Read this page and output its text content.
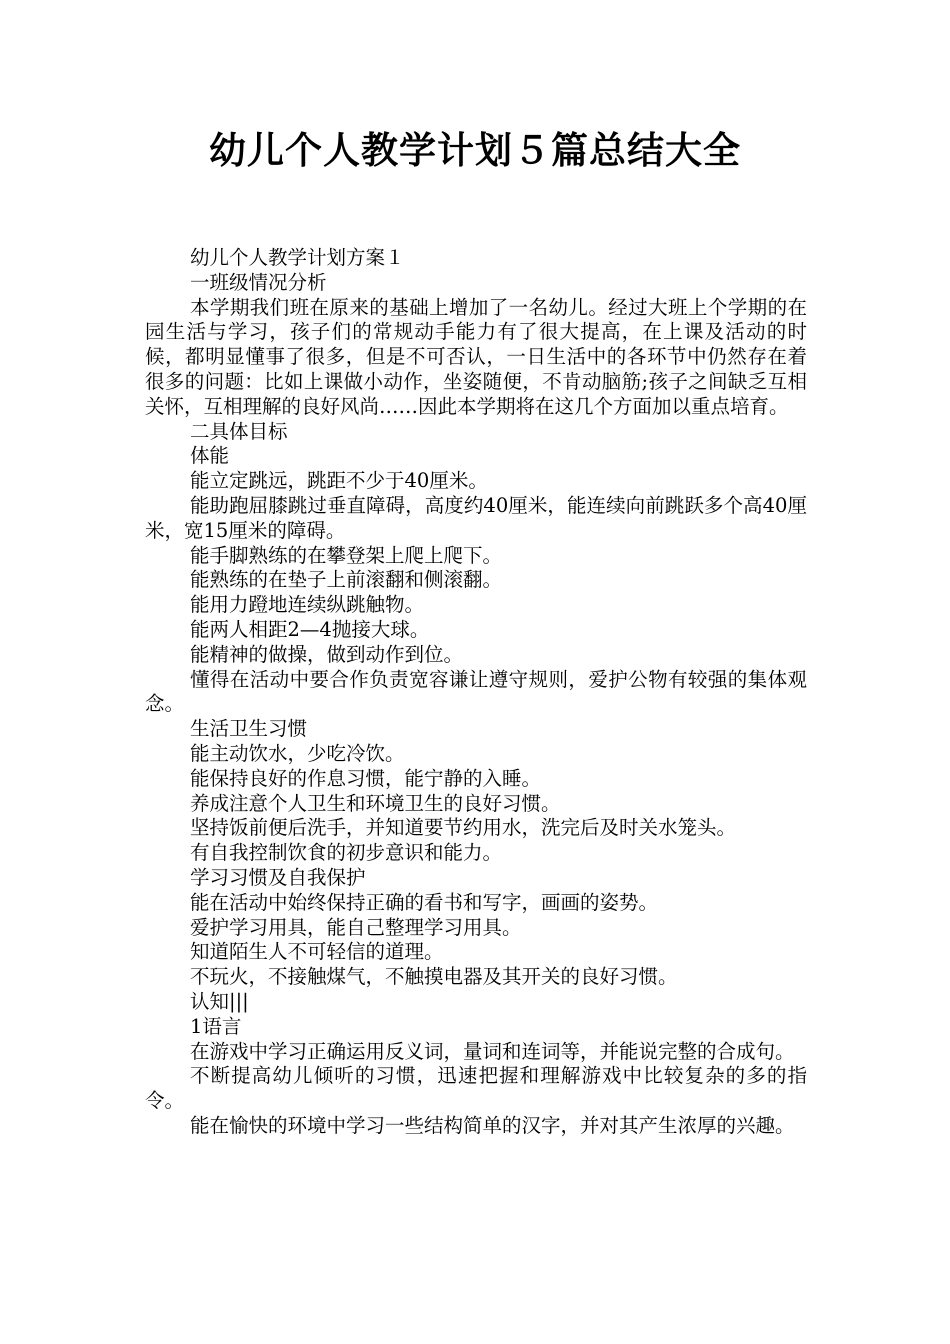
幼儿个人教学计划５篇总结大全

幼儿个人教学计划方案１

一班级情况分析

本学期我们班在原来的基础上增加了一名幼儿。经过大班上个学期的在园生活与学习，孩子们的常规动手能力有了很大提高，在上课及活动的时候，都明显懂事了很多，但是不可否认，一日生活中的各环节中仍然存在着很多的问题：比如上课做小动作，坐姿随便，不肯动脑筋;孩子之间缺乏互相关怀，互相理解的良好风尚……因此本学期将在这几个方面加以重点培育。

二具体目标

体能

能立定跳远，跳距不少于40厘米。

能助跑屈膝跳过垂直障碍，高度约40厘米，能连续向前跳跃多个高40厘米，宽15厘米的障碍。

能手脚熟练的在攀登架上爬上爬下。

能熟练的在垫子上前滚翻和侧滚翻。

能用力蹬地连续纵跳触物。

能两人相距2—4抛接大球。

能精神的做操，做到动作到位。

懂得在活动中要合作负责宽容谦让遵守规则，爱护公物有较强的集体观念。

生活卫生习惯

能主动饮水，少吃冷饮。

能保持良好的作息习惯，能宁静的入睡。

养成注意个人卫生和环境卫生的良好习惯。

坚持饭前便后洗手，并知道要节约用水，洗完后及时关水笼头。

有自我控制饮食的初步意识和能力。

学习习惯及自我保护

能在活动中始终保持正确的看书和写字，画画的姿势。

爱护学习用具，能自己整理学习用具。

知道陌生人不可轻信的道理。

不玩火，不接触煤气，不触摸电器及其开关的良好习惯。

认知|||

1语言

在游戏中学习正确运用反义词，量词和连词等，并能说完整的合成句。

不断提高幼儿倾听的习惯，迅速把握和理解游戏中比较复杂的多的指令。

能在愉快的环境中学习一些结构简单的汉字，并对其产生浓厚的兴趣。
